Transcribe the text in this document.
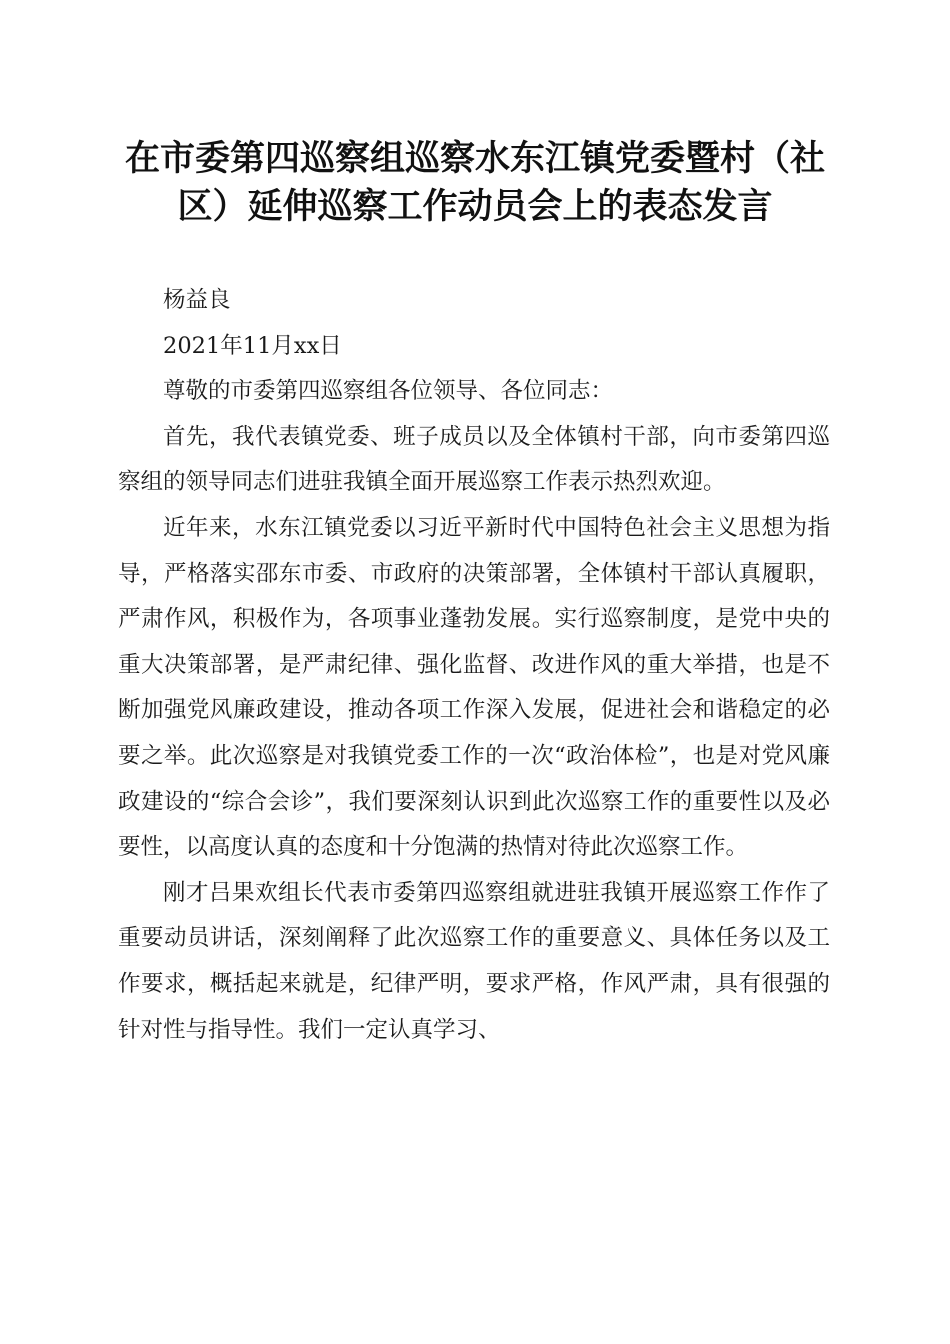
在市委第四巡察组巡察水东江镇党委暨村（社区）延伸巡察工作动员会上的表态发言

杨益良

2021年11月xx日

尊敬的市委第四巡察组各位领导、各位同志：

首先，我代表镇党委、班子成员以及全体镇村干部，向市委第四巡察组的领导同志们进驻我镇全面开展巡察工作表示热烈欢迎。

近年来，水东江镇党委以习近平新时代中国特色社会主义思想为指导，严格落实邵东市委、市政府的决策部署，全体镇村干部认真履职，严肃作风，积极作为，各项事业蓬勃发展。实行巡察制度，是党中央的重大决策部署，是严肃纪律、强化监督、改进作风的重大举措，也是不断加强党风廉政建设，推动各项工作深入发展，促进社会和谐稳定的必要之举。此次巡察是对我镇党委工作的一次“政治体检”，也是对党风廉政建设的“综合会诊”，我们要深刻认识到此次巡察工作的重要性以及必要性，以高度认真的态度和十分饱满的热情对待此次巡察工作。

刚才吕果欢组长代表市委第四巡察组就进驻我镇开展巡察工作作了重要动员讲话，深刻阐释了此次巡察工作的重要意义、具体任务以及工作要求，概括起来就是，纪律严明，要求严格，作风严肃，具有很强的针对性与指导性。我们一定认真学习、
